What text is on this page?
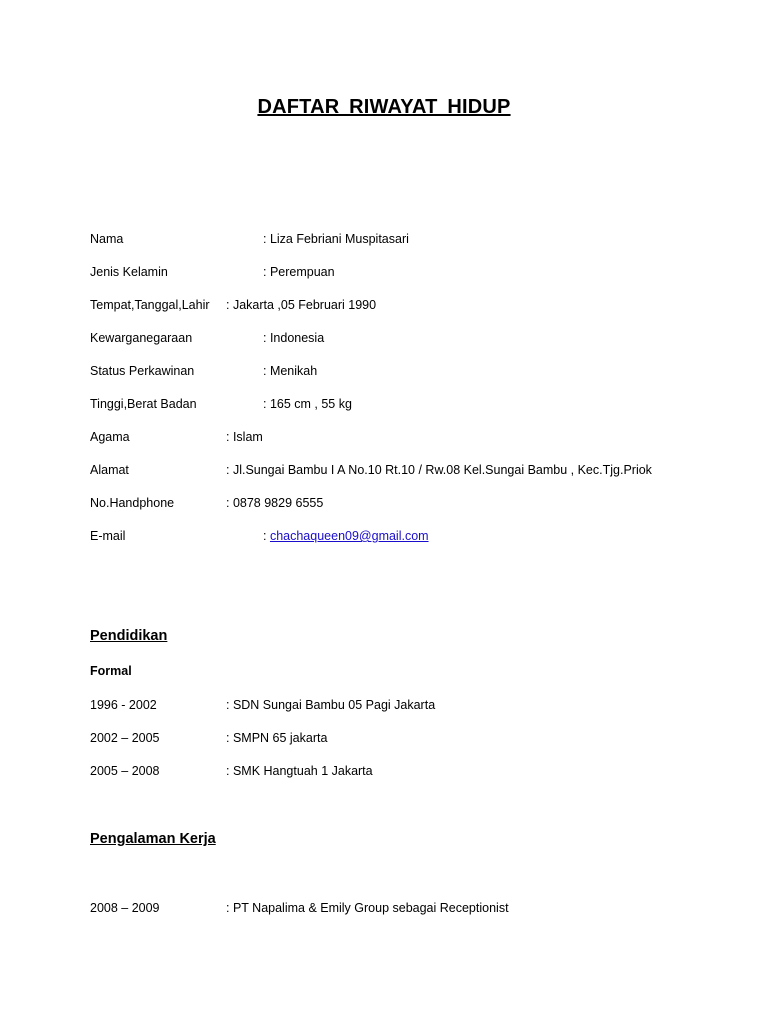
DAFTAR RIWAYAT HIDUP
Nama	: Liza Febriani Muspitasari
Jenis Kelamin	: Perempuan
Tempat,Tanggal,Lahir : Jakarta ,05 Februari 1990
Kewarganegaraan	: Indonesia
Status Perkawinan	: Menikah
Tinggi,Berat Badan	: 165 cm , 55 kg
Agama	: Islam
Alamat	: Jl.Sungai Bambu I A No.10 Rt.10 / Rw.08 Kel.Sungai Bambu , Kec.Tjg.Priok
No.Handphone	: 0878 9829 6555
E-mail	: chachaqueen09@gmail.com
Pendidikan
Formal
1996 - 2002	: SDN Sungai Bambu 05 Pagi Jakarta
2002 – 2005	: SMPN 65 jakarta
2005 – 2008	: SMK Hangtuah 1 Jakarta
Pengalaman Kerja
2008 – 2009	: PT Napalima & Emily Group sebagai Receptionist
